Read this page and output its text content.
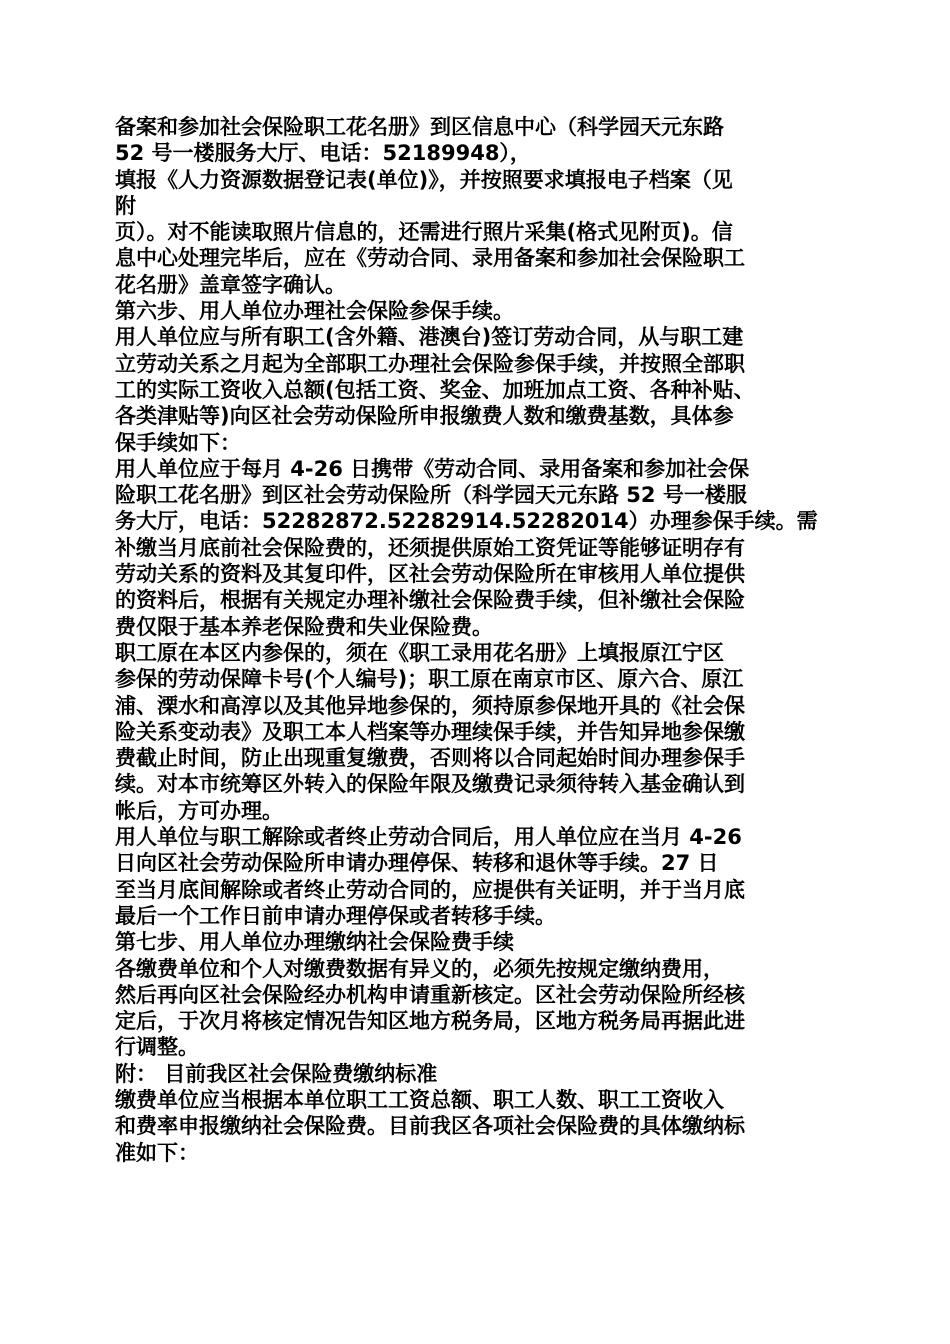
备案和参加社会保险职工花名册》到区信息中心（科学园天元东路
52 号一楼服务大厅、电话：52189948），
填报《人力资源数据登记表(单位)》，并按照要求填报电子档案（见
附
页）。对不能读取照片信息的，还需进行照片采集(格式见附页)。信
息中心处理完毕后，应在《劳动合同、录用备案和参加社会保险职工
花名册》盖章签字确认。
第六步、用人单位办理社会保险参保手续。
用人单位应与所有职工(含外籍、港澳台)签订劳动合同，从与职工建
立劳动关系之月起为全部职工办理社会保险参保手续，并按照全部职
工的实际工资收入总额(包括工资、奖金、加班加点工资、各种补贴、
各类津贴等)向区社会劳动保险所申报缴费人数和缴费基数，具体参
保手续如下：
用人单位应于每月 4-26 日携带《劳动合同、录用备案和参加社会保
险职工花名册》到区社会劳动保险所（科学园天元东路 52 号一楼服
务大厅，电话：52282872.52282914.52282014）办理参保手续。需
补缴当月底前社会保险费的，还须提供原始工资凭证等能够证明存有
劳动关系的资料及其复印件，区社会劳动保险所在审核用人单位提供
的资料后，根据有关规定办理补缴社会保险费手续，但补缴社会保险
费仅限于基本养老保险费和失业保险费。
职工原在本区内参保的，须在《职工录用花名册》上填报原江宁区
参保的劳动保障卡号(个人编号)；职工原在南京市区、原六合、原江
浦、溧水和高淳以及其他异地参保的，须持原参保地开具的《社会保
险关系变动表》及职工本人档案等办理续保手续，并告知异地参保缴
费截止时间，防止出现重复缴费，否则将以合同起始时间办理参保手
续。对本市统筹区外转入的保险年限及缴费记录须待转入基金确认到
帐后，方可办理。
用人单位与职工解除或者终止劳动合同后，用人单位应在当月 4-26
日向区社会劳动保险所申请办理停保、转移和退休等手续。27 日
至当月底间解除或者终止劳动合同的，应提供有关证明，并于当月底
最后一个工作日前申请办理停保或者转移手续。
第七步、用人单位办理缴纳社会保险费手续
各缴费单位和个人对缴费数据有异义的，必须先按规定缴纳费用，
然后再向区社会保险经办机构申请重新核定。区社会劳动保险所经核
定后，于次月将核定情况告知区地方税务局，区地方税务局再据此进
行调整。
附： 目前我区社会保险费缴纳标准
缴费单位应当根据本单位职工工资总额、职工人数、职工工资收入
和费率申报缴纳社会保险费。目前我区各项社会保险费的具体缴纳标
准如下：
